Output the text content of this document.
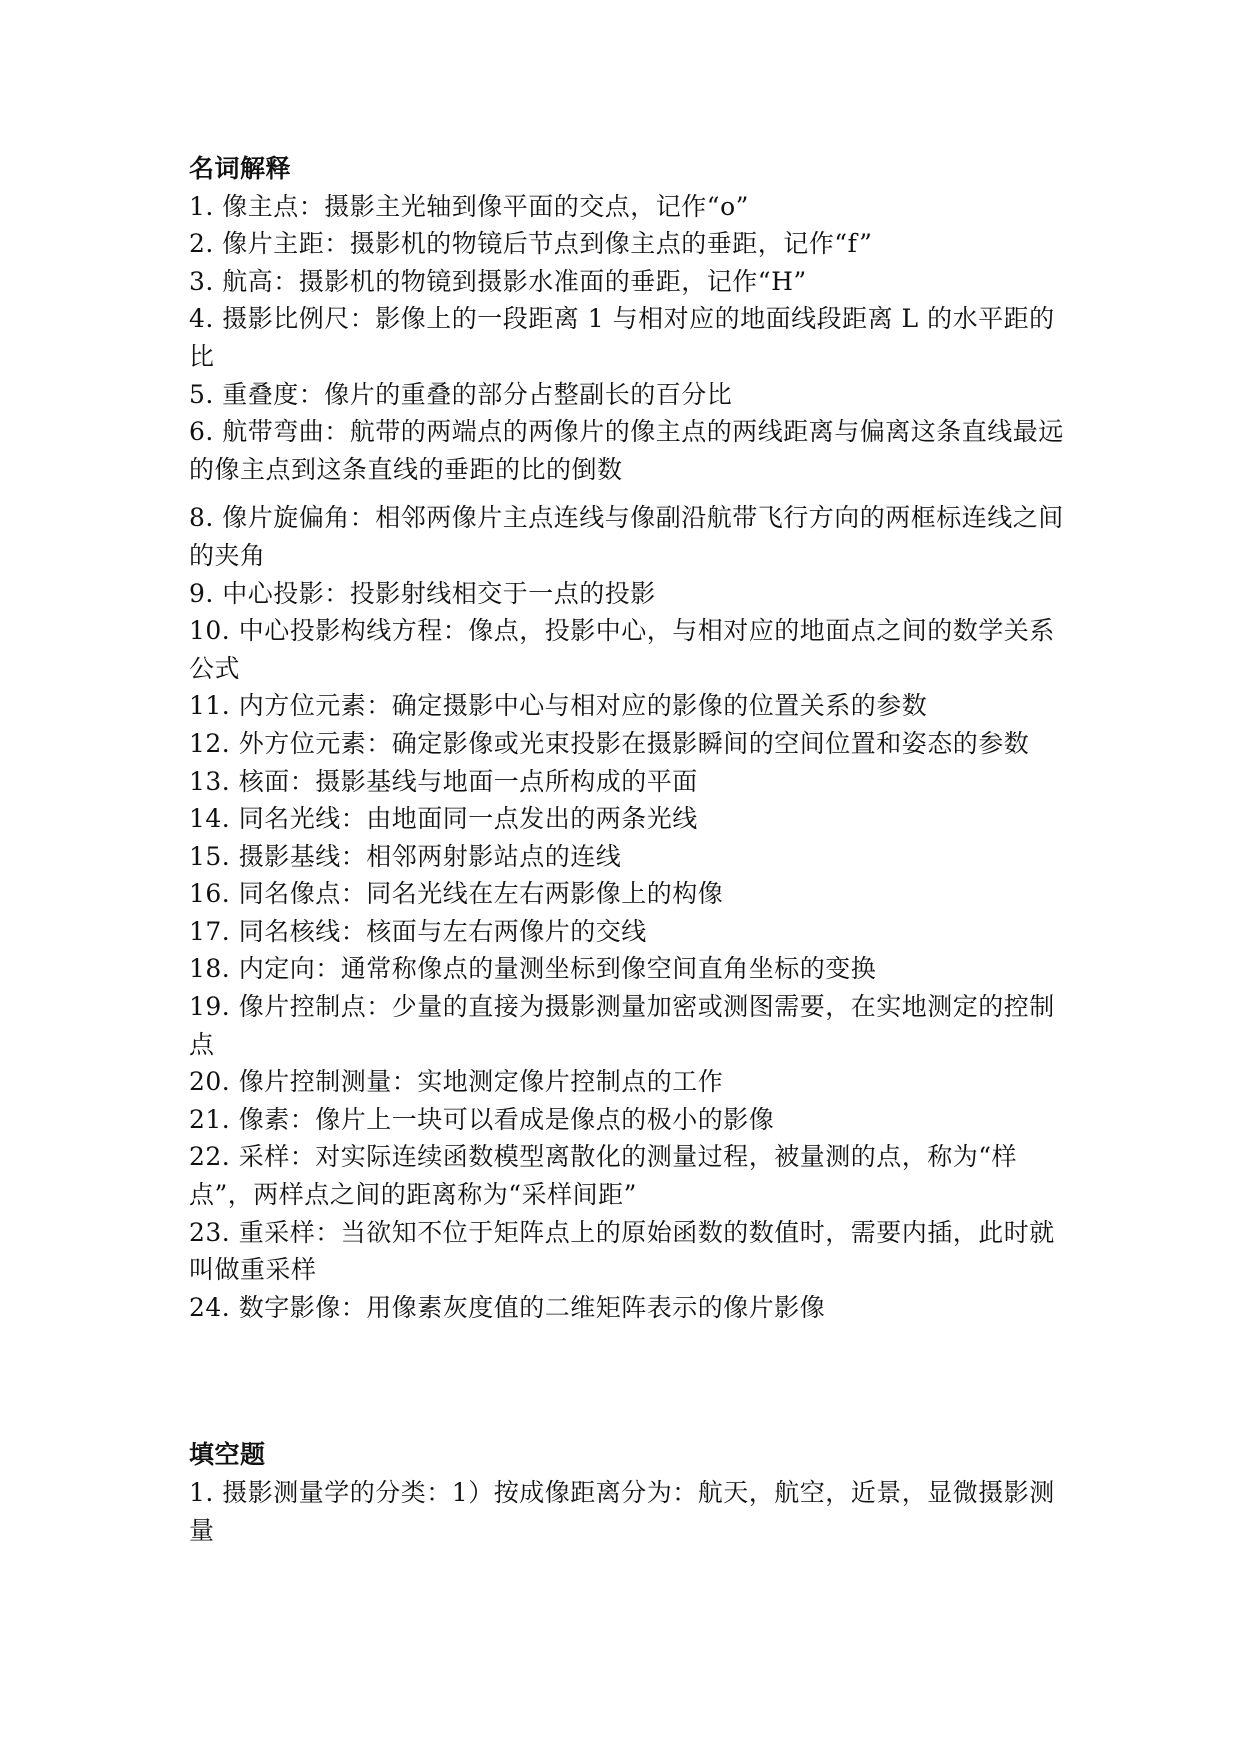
名词解释

1. 像主点：摄影主光轴到像平面的交点，记作“o”

2. 像片主距：摄影机的物镜后节点到像主点的垂距，记作“f”

3. 航高：摄影机的物镜到摄影水准面的垂距，记作“H”

4. 摄影比例尺：影像上的一段距离 1 与相对应的地面线段距离 L 的水平距的比

5. 重叠度：像片的重叠的部分占整副长的百分比

6. 航带弯曲：航带的两端点的两像片的像主点的两线距离与偏离这条直线最远的像主点到这条直线的垂距的比的倒数

8. 像片旋偏角：相邻两像片主点连线与像副沿航带飞行方向的两框标连线之间的夹角

9. 中心投影：投影射线相交于一点的投影

10. 中心投影构线方程：像点，投影中心，与相对应的地面点之间的数学关系公式

11. 内方位元素：确定摄影中心与相对应的影像的位置关系的参数

12. 外方位元素：确定影像或光束投影在摄影瞬间的空间位置和姿态的参数

13. 核面：摄影基线与地面一点所构成的平面

14. 同名光线：由地面同一点发出的两条光线

15. 摄影基线：相邻两射影站点的连线

16. 同名像点：同名光线在左右两影像上的构像

17. 同名核线：核面与左右两像片的交线

18. 内定向：通常称像点的量测坐标到像空间直角坐标的变换

19. 像片控制点：少量的直接为摄影测量加密或测图需要，在实地测定的控制点

20. 像片控制测量：实地测定像片控制点的工作

21. 像素：像片上一块可以看成是像点的极小的影像

22. 采样：对实际连续函数模型离散化的测量过程，被量测的点，称为“样点”，两样点之间的距离称为“采样间距”

23. 重采样：当欲知不位于矩阵点上的原始函数的数值时，需要内插，此时就叫做重采样

24. 数字影像：用像素灰度值的二维矩阵表示的像片影像

填空题

1. 摄影测量学的分类：1）按成像距离分为：航天，航空，近景，显微摄影测量
